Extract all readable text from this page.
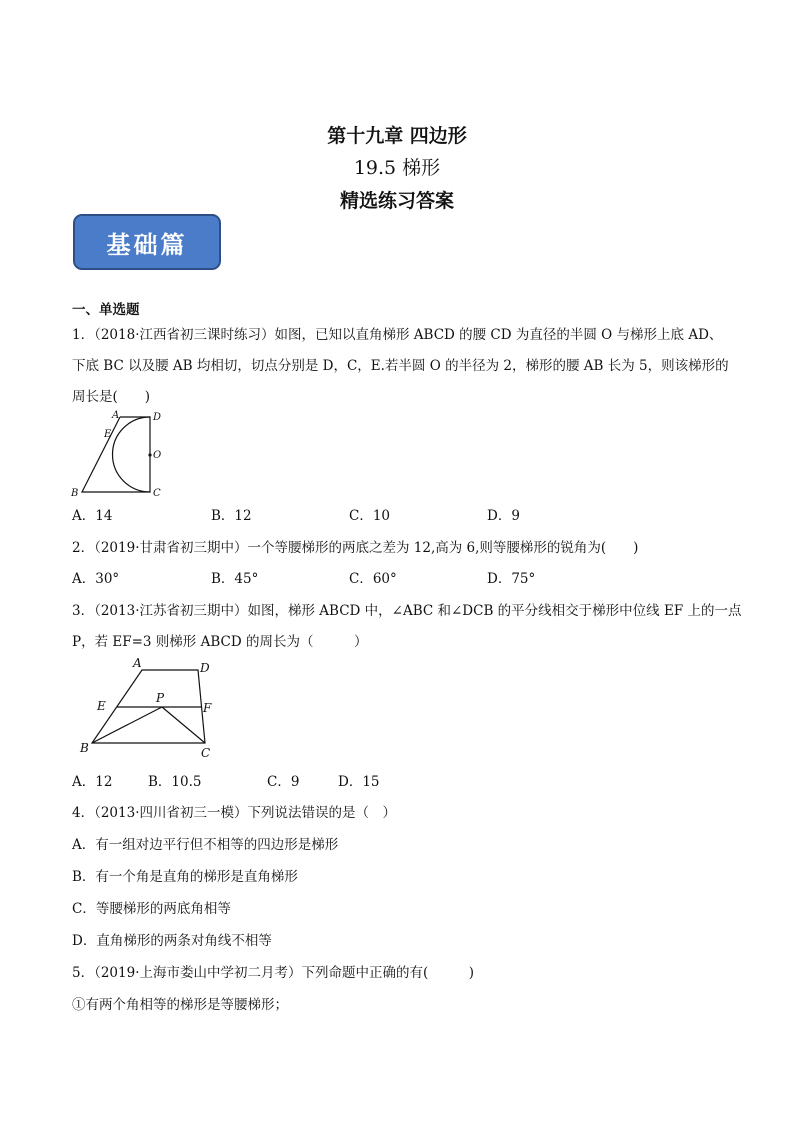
第十九章 四边形
19.5 梯形
精选练习答案
基础篇
一、单选题
1．（2018·江西省初三课时练习）如图，已知以直角梯形 ABCD 的腰 CD 为直径的半圆 O 与梯形上底 AD、
下底 BC 以及腰 AB 均相切，切点分别是 D，C，E.若半圆 O 的半径为 2，梯形的腰 AB 长为 5，则该梯形的
周长是(　　)
A	D
E
O
B	C
A．14	B．12	C．10	D．9
2．（2019·甘肃省初三期中）一个等腰梯形的两底之差为 12,高为 6,则等腰梯形的锐角为(　　)
A．30°	B．45°	C．60°	D．75°
3．（2013·江苏省初三期中）如图，梯形 ABCD 中，∠ABC 和∠DCB 的平分线相交于梯形中位线 EF 上的一点
P，若 EF=3 则梯形 ABCD 的周长为（　　　）
A	D
E
P
F
B	C
A．12	B．10.5	C．9	D．15
4．（2013·四川省初三一模）下列说法错误的是（　）
A．有一组对边平行但不相等的四边形是梯形
B．有一个角是直角的梯形是直角梯形
C．等腰梯形的两底角相等
D．直角梯形的两条对角线不相等
5．（2019·上海市娄山中学初二月考）下列命题中正确的有(　　　)
①有两个角相等的梯形是等腰梯形；
